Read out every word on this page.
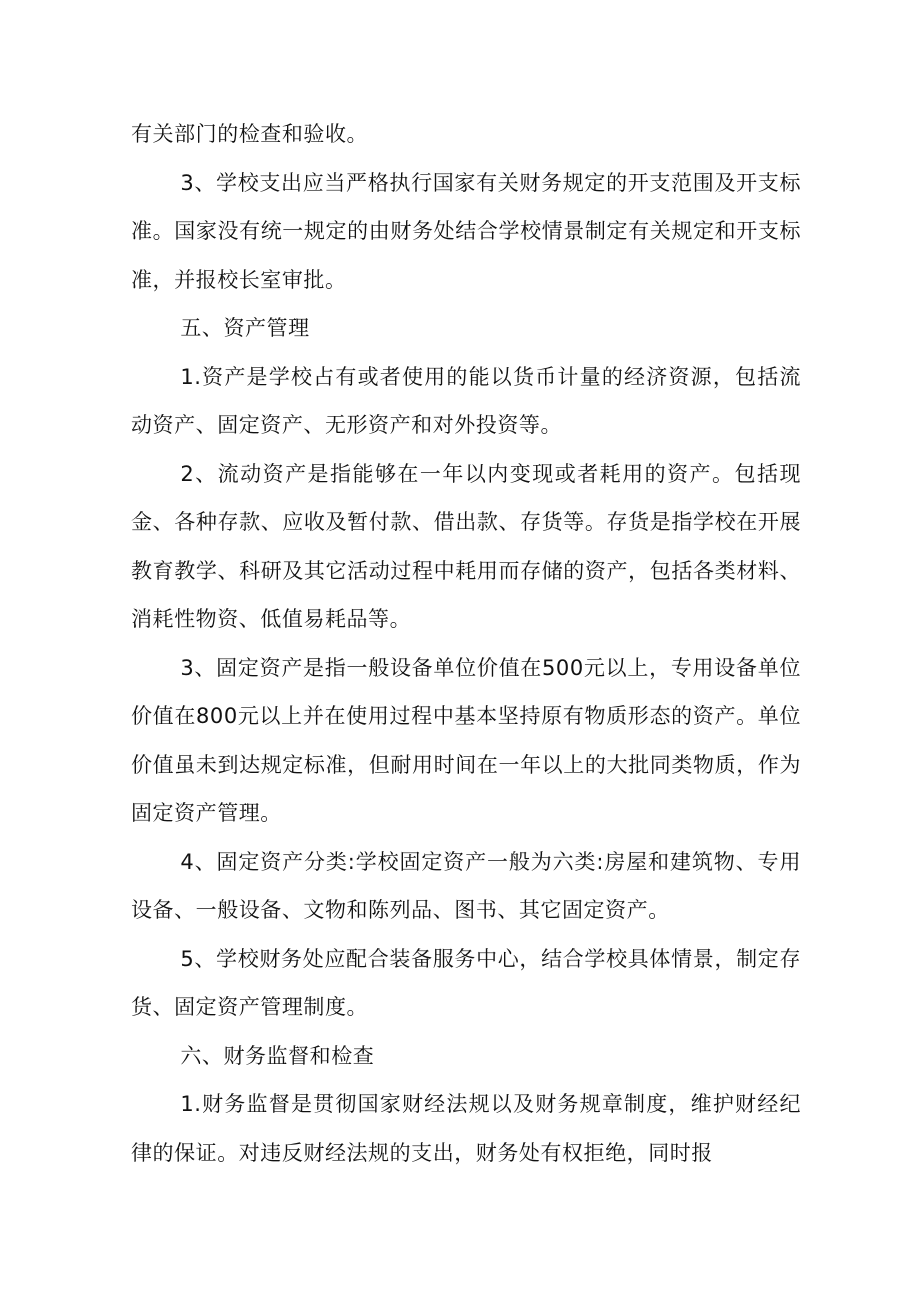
有关部门的检查和验收。

3、学校支出应当严格执行国家有关财务规定的开支范围及开支标准。国家没有统一规定的由财务处结合学校情景制定有关规定和开支标准，并报校长室审批。

五、资产管理

1.资产是学校占有或者使用的能以货币计量的经济资源，包括流动资产、固定资产、无形资产和对外投资等。

2、流动资产是指能够在一年以内变现或者耗用的资产。包括现金、各种存款、应收及暂付款、借出款、存货等。存货是指学校在开展教育教学、科研及其它活动过程中耗用而存储的资产，包括各类材料、消耗性物资、低值易耗品等。

3、固定资产是指一般设备单位价值在500元以上，专用设备单位价值在800元以上并在使用过程中基本坚持原有物质形态的资产。单位价值虽未到达规定标准，但耐用时间在一年以上的大批同类物质，作为固定资产管理。

4、固定资产分类:学校固定资产一般为六类:房屋和建筑物、专用设备、一般设备、文物和陈列品、图书、其它固定资产。

5、学校财务处应配合装备服务中心，结合学校具体情景，制定存货、固定资产管理制度。

六、财务监督和检查

1.财务监督是贯彻国家财经法规以及财务规章制度，维护财经纪律的保证。对违反财经法规的支出，财务处有权拒绝，同时报
